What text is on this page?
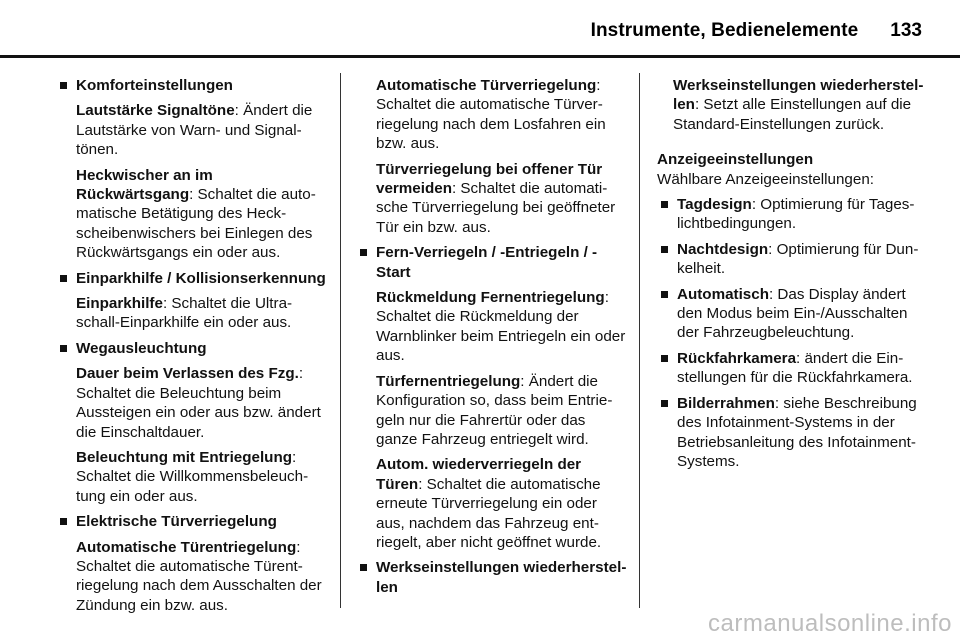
Instrumente, Bedienelemente 133
Komforteinstellungen
Lautstärke Signaltöne: Ändert die Lautstärke von Warn- und Signaltönen.
Heckwischer an im Rückwärtsgang: Schaltet die automatische Betätigung des Heckscheibenwischers bei Einlegen des Rückwärtsgangs ein oder aus.
Einparkhilfe / Kollisionserkennung
Einparkhilfe: Schaltet die Ultraschall-Einparkhilfe ein oder aus.
Wegausleuchtung
Dauer beim Verlassen des Fzg.: Schaltet die Beleuchtung beim Aussteigen ein oder aus bzw. ändert die Einschaltdauer.
Beleuchtung mit Entriegelung: Schaltet die Willkommensbeleuchtung ein oder aus.
Elektrische Türverriegelung
Automatische Türentriegelung: Schaltet die automatische Türentriegelung nach dem Ausschalten der Zündung ein bzw. aus.
Automatische Türverriegelung: Schaltet die automatische Türverriegelung nach dem Losfahren ein bzw. aus.
Türverriegelung bei offener Tür vermeiden: Schaltet die automatische Türverriegelung bei geöffneter Tür ein bzw. aus.
Fern-Verriegeln / -Entriegeln / -Start
Rückmeldung Fernentriegelung: Schaltet die Rückmeldung der Warnblinker beim Entriegeln ein oder aus.
Türfernentriegelung: Ändert die Konfiguration so, dass beim Entriegeln nur die Fahrertür oder das ganze Fahrzeug entriegelt wird.
Autom. wiederverriegeln der Türen: Schaltet die automatische erneute Türverriegelung ein oder aus, nachdem das Fahrzeug entriegelt, aber nicht geöffnet wurde.
Werkseinstellungen wiederherstellen
Werkseinstellungen wiederherstellen: Setzt alle Einstellungen auf die Standard-Einstellungen zurück.
Anzeigeeinstellungen
Wählbare Anzeigeeinstellungen:
Tagdesign: Optimierung für Tageslichtbedingungen.
Nachtdesign: Optimierung für Dunkelheit.
Automatisch: Das Display ändert den Modus beim Ein-/Ausschalten der Fahrzeugbeleuchtung.
Rückfahrkamera: ändert die Einstellungen für die Rückfahrkamera.
Bilderrahmen: siehe Beschreibung des Infotainment-Systems in der Betriebsanleitung des Infotainment-Systems.
carmanualsonline.info
